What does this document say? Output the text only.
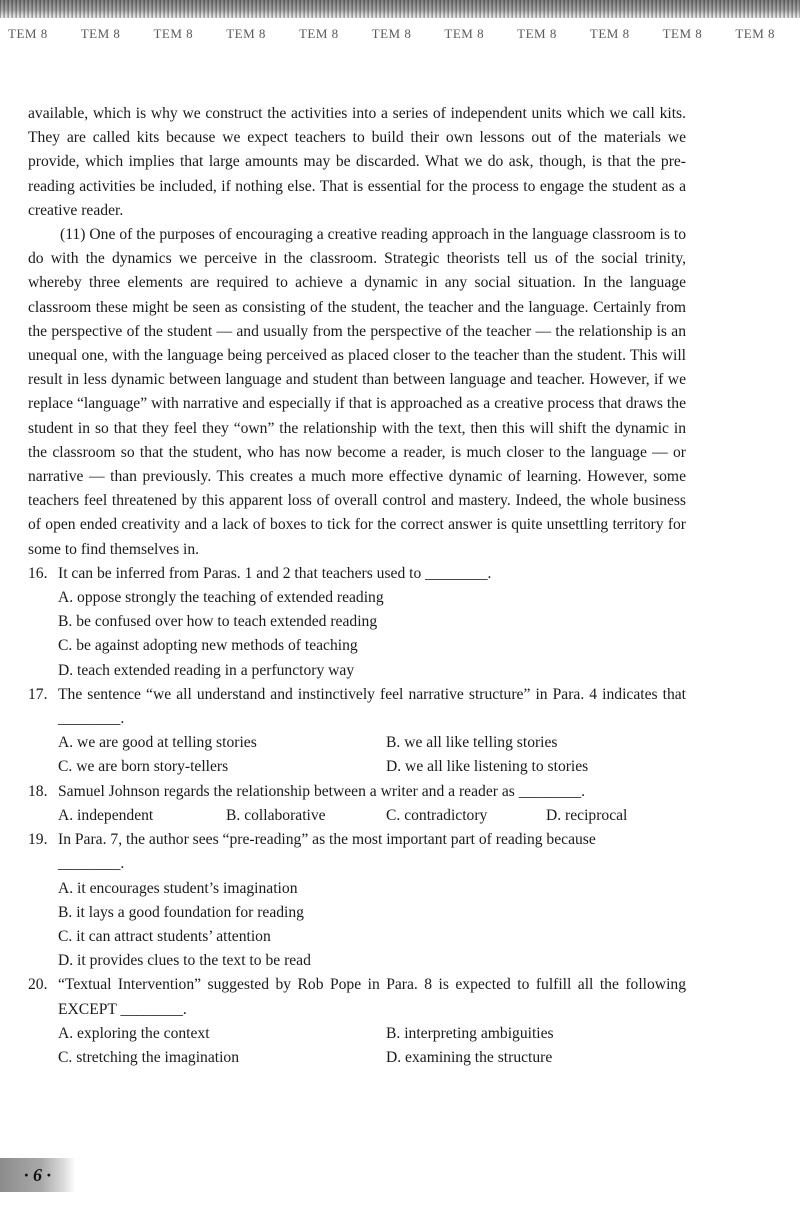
TEM 8	TEM 8	TEM 8	TEM 8	TEM 8	TEM 8	TEM 8	TEM 8	TEM 8	TEM 8	TEM 8

available, which is why we construct the activities into a series of independent units which we call kits. They are called kits because we expect teachers to build their own lessons out of the materials we provide, which implies that large amounts may be discarded. What we do ask, though, is that the pre-reading activities be included, if nothing else. That is essential for the process to engage the student as a creative reader.

(11) One of the purposes of encouraging a creative reading approach in the language classroom is to do with the dynamics we perceive in the classroom. Strategic theorists tell us of the social trinity, whereby three elements are required to achieve a dynamic in any social situation. In the language classroom these might be seen as consisting of the student, the teacher and the language. Certainly from the perspective of the student — and usually from the perspective of the teacher — the relationship is an unequal one, with the language being perceived as placed closer to the teacher than the student. This will result in less dynamic between language and student than between language and teacher. However, if we replace “language” with narrative and especially if that is approached as a creative process that draws the student in so that they feel they “own” the relationship with the text, then this will shift the dynamic in the classroom so that the student, who has now become a reader, is much closer to the language — or narrative — than previously. This creates a much more effective dynamic of learning. However, some teachers feel threatened by this apparent loss of overall control and mastery. Indeed, the whole business of open ended creativity and a lack of boxes to tick for the correct answer is quite unsettling territory for some to find themselves in.

16. It can be inferred from Paras. 1 and 2 that teachers used to ________.

A. oppose strongly the teaching of extended reading

B. be confused over how to teach extended reading

C. be against adopting new methods of teaching

D. teach extended reading in a perfunctory way

17. The sentence “we all understand and instinctively feel narrative structure” in Para. 4 indicates that ________.

A. we are good at telling stories	B. we all like telling stories
C. we are born story-tellers	D. we all like listening to stories

18. Samuel Johnson regards the relationship between a writer and a reader as ________.

A. independent	B. collaborative	C. contradictory	D. reciprocal

19. In Para. 7, the author sees “pre-reading” as the most important part of reading because

________.

A. it encourages student’s imagination

B. it lays a good foundation for reading

C. it can attract students’ attention

D. it provides clues to the text to be read

20. “Textual Intervention” suggested by Rob Pope in Para. 8 is expected to fulfill all the following EXCEPT ________.

A. exploring the context	B. interpreting ambiguities
C. stretching the imagination	D. examining the structure
· 6 ·
